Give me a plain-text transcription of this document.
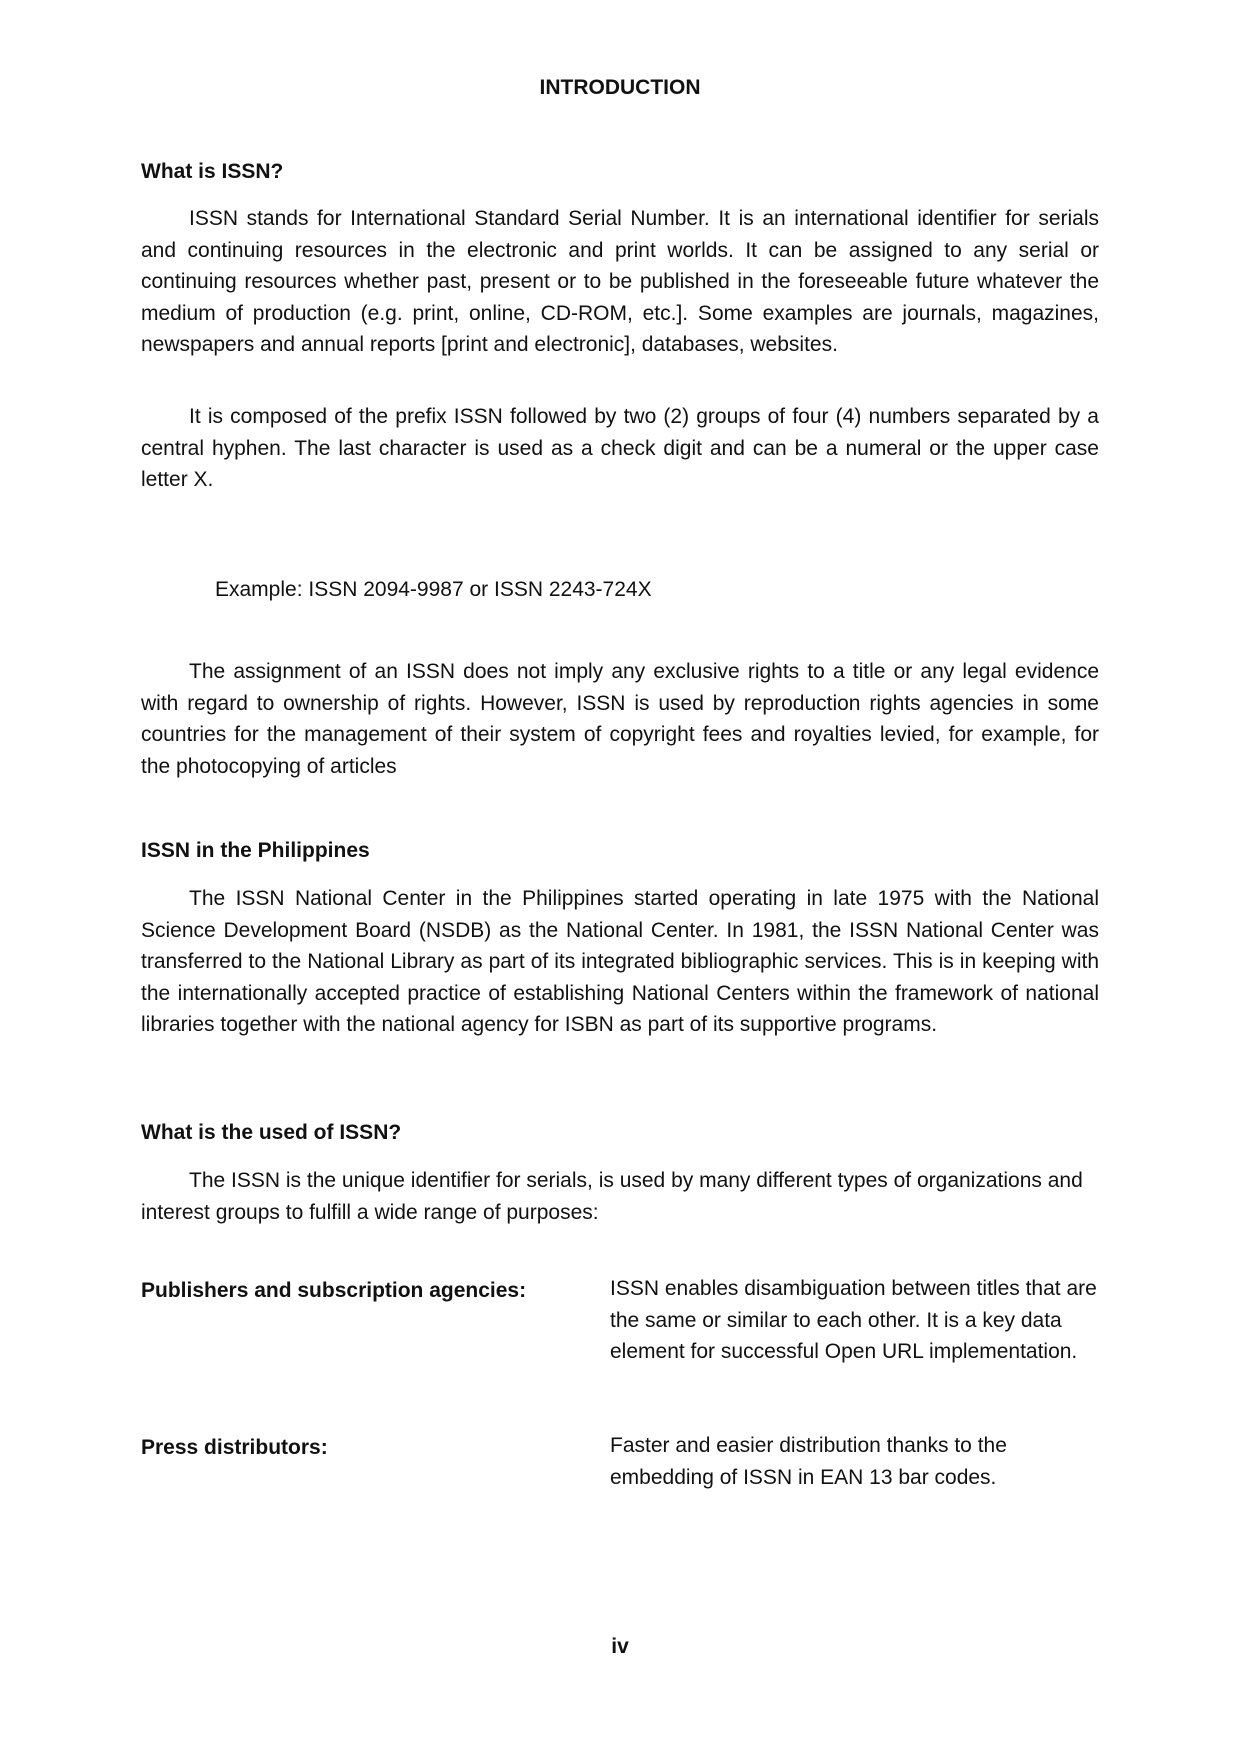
INTRODUCTION
What is ISSN?

ISSN stands for International Standard Serial Number. It is an international identifier for serials and continuing resources in the electronic and print worlds. It can be assigned to any serial or continuing resources whether past, present or to be published in the foreseeable future whatever the medium of production (e.g. print, online, CD-ROM, etc.]. Some examples are journals, magazines, newspapers and annual reports [print and electronic], databases, websites.

It is composed of the prefix ISSN followed by two (2) groups of four (4) numbers separated by a central hyphen. The last character is used as a check digit and can be a numeral or the upper case letter X.

Example: ISSN 2094-9987 or ISSN 2243-724X

The assignment of an ISSN does not imply any exclusive rights to a title or any legal evidence with regard to ownership of rights. However, ISSN is used by reproduction rights agencies in some countries for the management of their system of copyright fees and royalties levied, for example, for the photocopying of articles

ISSN in the Philippines

The ISSN National Center in the Philippines started operating in late 1975 with the National Science Development Board (NSDB) as the National Center. In 1981, the ISSN National Center was transferred to the National Library as part of its integrated bibliographic services. This is in keeping with the internationally accepted practice of establishing National Centers within the framework of national libraries together with the national agency for ISBN as part of its supportive programs.

What is the used of ISSN?

The ISSN is the unique identifier for serials, is used by many different types of organizations and interest groups to fulfill a wide range of purposes:

Publishers and subscription agencies:	ISSN enables disambiguation between titles that are the same or similar to each other. It is a key data element for successful Open URL implementation.

Press distributors:	Faster and easier distribution thanks to the embedding of ISSN in EAN 13 bar codes.

iv
